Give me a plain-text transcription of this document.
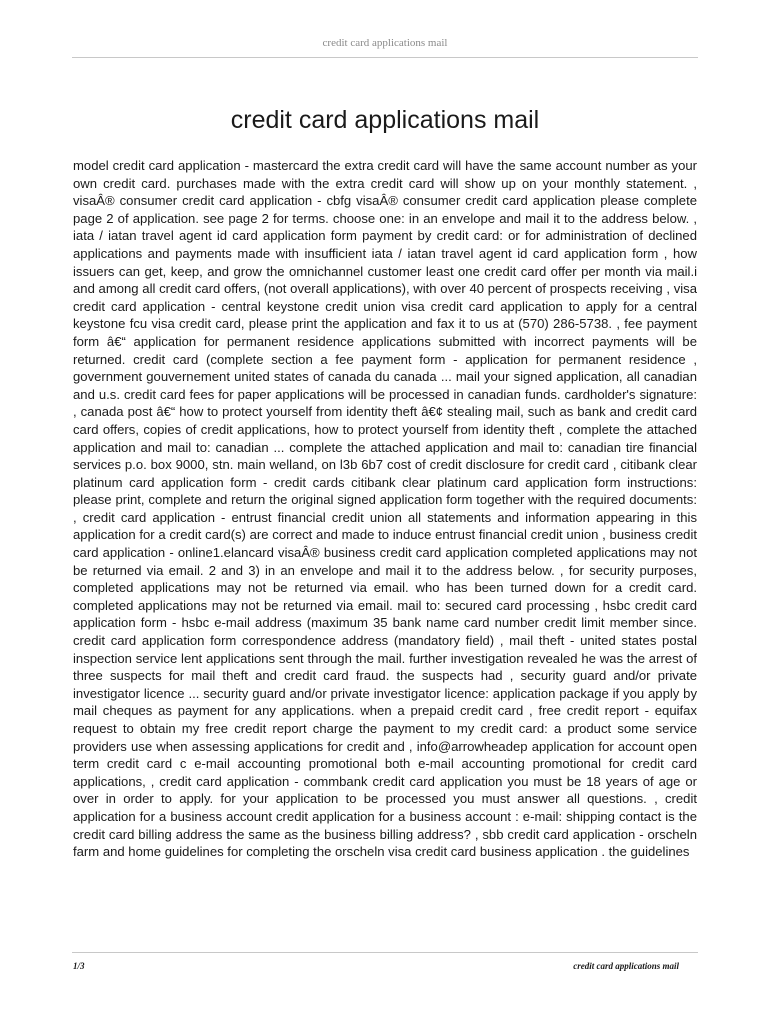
credit card applications mail
credit card applications mail

model credit card application - mastercard the extra credit card will have the same account number as your own credit card. purchases made with the extra credit card will show up on your monthly statement. , visaÂ® consumer credit card application - cbfg visaÂ® consumer credit card application please complete page 2 of application. see page 2 for terms. choose one: in an envelope and mail it to the address below. , iata / iatan travel agent id card application form payment by credit card: or for administration of declined applications and payments made with insufficient iata / iatan travel agent id card application form , how issuers can get, keep, and grow the omnichannel customer least one credit card offer per month via mail.i and among all credit card offers, (not overall applications), with over 40 percent of prospects receiving , visa credit card application - central keystone credit union visa credit card application to apply for a central keystone fcu visa credit card, please print the application and fax it to us at (570) 286-5738. , fee payment form â€“ application for permanent residence applications submitted with incorrect payments will be returned. credit card (complete section a fee payment form - application for permanent residence , government gouvernement united states of canada du canada ... mail your signed application, all canadian and u.s. credit card fees for paper applications will be processed in canadian funds. cardholder's signature: , canada post â€“ how to protect yourself from identity theft â€¢ stealing mail, such as bank and credit card card offers, copies of credit applications, how to protect yourself from identity theft , complete the attached application and mail to: canadian ... complete the attached application and mail to: canadian tire financial services p.o. box 9000, stn. main welland, on l3b 6b7 cost of credit disclosure for credit card , citibank clear platinum card application form - credit cards citibank clear platinum card application form instructions: please print, complete and return the original signed application form together with the required documents: , credit card application - entrust financial credit union all statements and information appearing in this application for a credit card(s) are correct and made to induce entrust financial credit union , business credit card application - online1.elancard visaÂ® business credit card application completed applications may not be returned via email. 2 and 3) in an envelope and mail it to the address below. , for security purposes, completed applications may not be returned via email. who has been turned down for a credit card. completed applications may not be returned via email. mail to: secured card processing , hsbc credit card application form - hsbc e-mail address (maximum 35 bank name card number credit limit member since. credit card application form correspondence address (mandatory field) , mail theft - united states postal inspection service lent applications sent through the mail. further investigation revealed he was the arrest of three suspects for mail theft and credit card fraud. the suspects had , security guard and/or private investigator licence ... security guard and/or private investigator licence: application package if you apply by mail cheques as payment for any applications. when a prepaid credit card , free credit report - equifax request to obtain my free credit report charge the payment to my credit card: a product some service providers use when assessing applications for credit and , info@arrowheadep application for account open term credit card c e-mail accounting promotional both e-mail accounting promotional for credit card applications, , credit card application - commbank credit card application you must be 18 years of age or over in order to apply. for your application to be processed you must answer all questions. , credit application for a business account credit application for a business account : e-mail: shipping contact is the credit card billing address the same as the business billing address? , sbb credit card application - orscheln farm and home guidelines for completing the orscheln visa credit card business application . the guidelines

1/3	credit card applications mail
